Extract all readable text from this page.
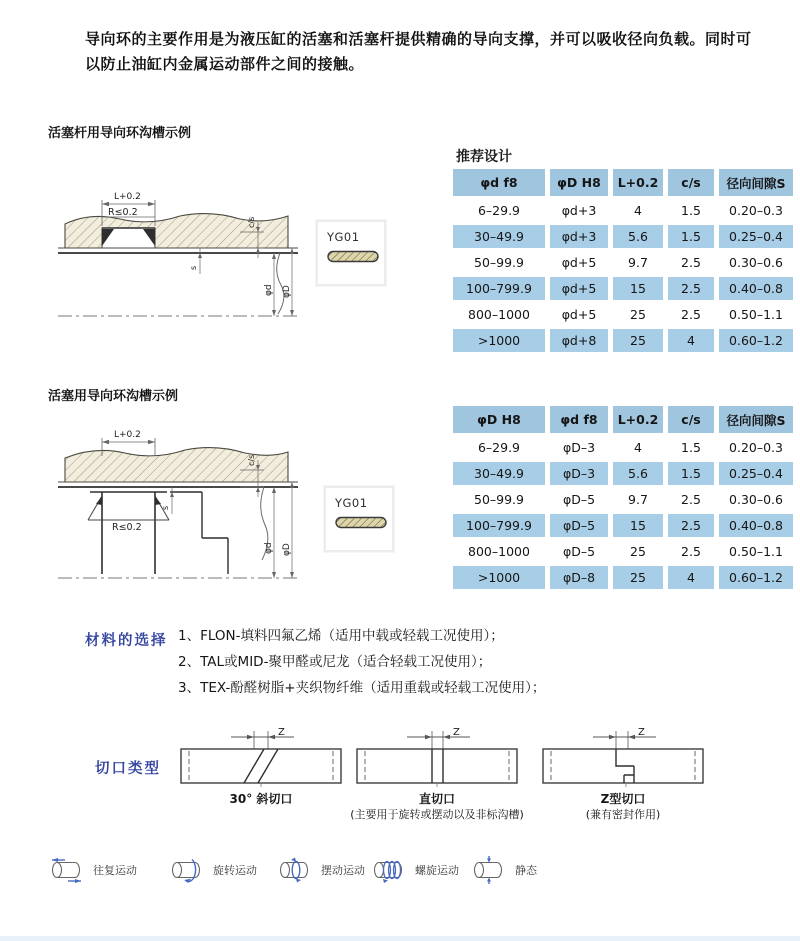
导向环的主要作用是为液压缸的活塞和活塞杆提供精确的导向支撑，并可以吸收径向负载。同时可以防止油缸内金属运动部件之间的接触。

活塞杆用导向环沟槽示例
L+0.2
R≤0.2
c/s
s
φd φD
YG01
推荐设计
φd f8	φD H8	L+0.2	c/s	径向间隙S
6–29.9	φd+3	4	1.5	0.20–0.3
30–49.9	φd+3	5.6	1.5	0.25–0.4
50–99.9	φd+5	9.7	2.5	0.30–0.6
100–799.9	φd+5	15	2.5	0.40–0.8
800–1000	φd+5	25	2.5	0.50–1.1
>1000	φd+8	25	4	0.60–1.2
活塞用导向环沟槽示例
R≤0.2
L+0.2
c/s
s
φd φD
YG01
φD H8	φd f8	L+0.2	c/s	径向间隙S
6–29.9	φD–3	4	1.5	0.20–0.3
30–49.9	φD–3	5.6	1.5	0.25–0.4
50–99.9	φD–5	9.7	2.5	0.30–0.6
100–799.9	φD–5	15	2.5	0.40–0.8
800–1000	φD–5	25	2.5	0.50–1.1
>1000	φD–8	25	4	0.60–1.2
材料的选择 1、FLON-填料四氟乙烯（适用中载或轻载工况使用）；
2、TAL或MID-聚甲醛或尼龙（适合轻载工况使用）；
3、TEX-酚醛树脂+夹织物纤维（适用重载或轻载工况使用）；
切口类型
Z
30° 斜切口
Z
直切口
(主要用于旋转或摆动以及非标沟槽)
Z
Z型切口
(兼有密封作用)
往复运动	旋转运动	摆动运动	螺旋运动	静态
